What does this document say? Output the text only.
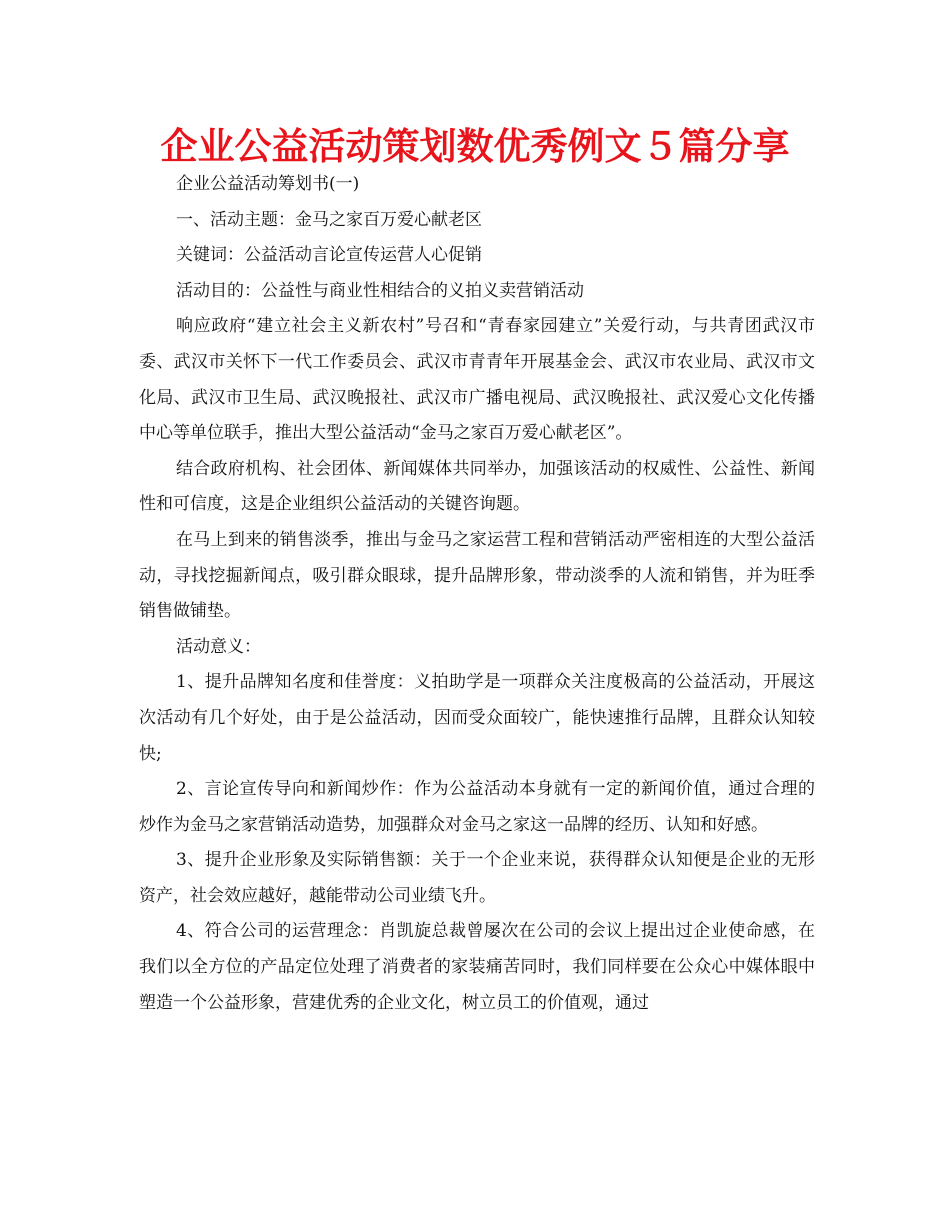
企业公益活动策划数优秀例文５篇分享

企业公益活动筹划书(一)

一、活动主题：金马之家百万爱心献老区

关键词：公益活动言论宣传运营人心促销

活动目的：公益性与商业性相结合的义拍义卖营销活动

响应政府“建立社会主义新农村”号召和“青春家园建立”关爱行动，与共青团武汉市委、武汉市关怀下一代工作委员会、武汉市青青年开展基金会、武汉市农业局、武汉市文化局、武汉市卫生局、武汉晚报社、武汉市广播电视局、武汉晚报社、武汉爱心文化传播中心等单位联手，推出大型公益活动“金马之家百万爱心献老区”。

结合政府机构、社会团体、新闻媒体共同举办，加强该活动的权威性、公益性、新闻性和可信度，这是企业组织公益活动的关键咨询题。

在马上到来的销售淡季，推出与金马之家运营工程和营销活动严密相连的大型公益活动，寻找挖掘新闻点，吸引群众眼球，提升品牌形象，带动淡季的人流和销售，并为旺季销售做铺垫。

活动意义：

1、提升品牌知名度和佳誉度：义拍助学是一项群众关注度极高的公益活动，开展这次活动有几个好处，由于是公益活动，因而受众面较广，能快速推行品牌，且群众认知较快;

2、言论宣传导向和新闻炒作：作为公益活动本身就有一定的新闻价值，通过合理的炒作为金马之家营销活动造势，加强群众对金马之家这一品牌的经历、认知和好感。

3、提升企业形象及实际销售额：关于一个企业来说，获得群众认知便是企业的无形资产，社会效应越好，越能带动公司业绩飞升。

4、符合公司的运营理念：肖凯旋总裁曾屡次在公司的会议上提出过企业使命感，在我们以全方位的产品定位处理了消费者的家装痛苦同时，我们同样要在公众心中媒体眼中塑造一个公益形象，营建优秀的企业文化，树立员工的价值观，通过
